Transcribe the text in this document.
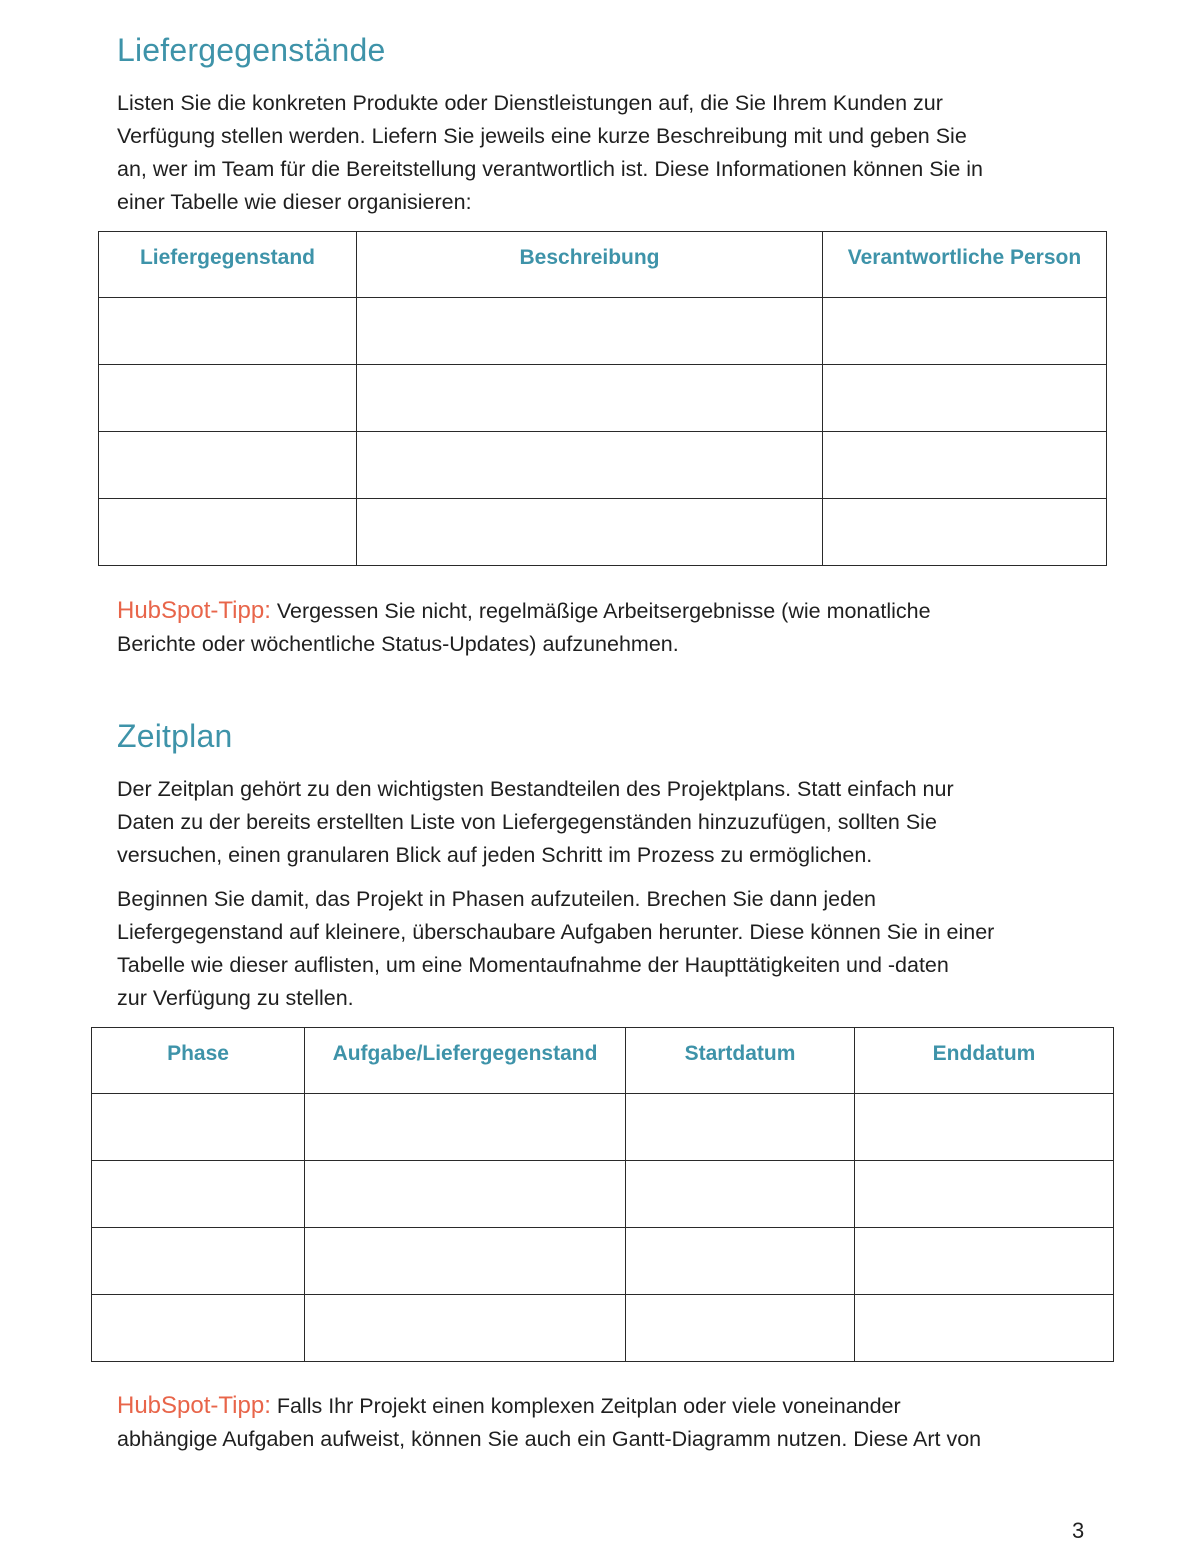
Liefergegenstände
Listen Sie die konkreten Produkte oder Dienstleistungen auf, die Sie Ihrem Kunden zur
Verfügung stellen werden. Liefern Sie jeweils eine kurze Beschreibung mit und geben Sie
an, wer im Team für die Bereitstellung verantwortlich ist. Diese Informationen können Sie in
einer Tabelle wie dieser organisieren:
Liefergegenstand	Beschreibung	Verantwortliche Person

HubSpot-Tipp: Vergessen Sie nicht, regelmäßige Arbeitsergebnisse (wie monatliche
Berichte oder wöchentliche Status-Updates) aufzunehmen.
Zeitplan
Der Zeitplan gehört zu den wichtigsten Bestandteilen des Projektplans. Statt einfach nur
Daten zu der bereits erstellten Liste von Liefergegenständen hinzuzufügen, sollten Sie
versuchen, einen granularen Blick auf jeden Schritt im Prozess zu ermöglichen.
Beginnen Sie damit, das Projekt in Phasen aufzuteilen. Brechen Sie dann jeden
Liefergegenstand auf kleinere, überschaubare Aufgaben herunter. Diese können Sie in einer
Tabelle wie dieser auflisten, um eine Momentaufnahme der Haupttätigkeiten und -daten
zur Verfügung zu stellen.
Phase	Aufgabe/Liefergegenstand	Startdatum	Enddatum

HubSpot-Tipp: Falls Ihr Projekt einen komplexen Zeitplan oder viele voneinander
abhängige Aufgaben aufweist, können Sie auch ein Gantt-Diagramm nutzen. Diese Art von
3
